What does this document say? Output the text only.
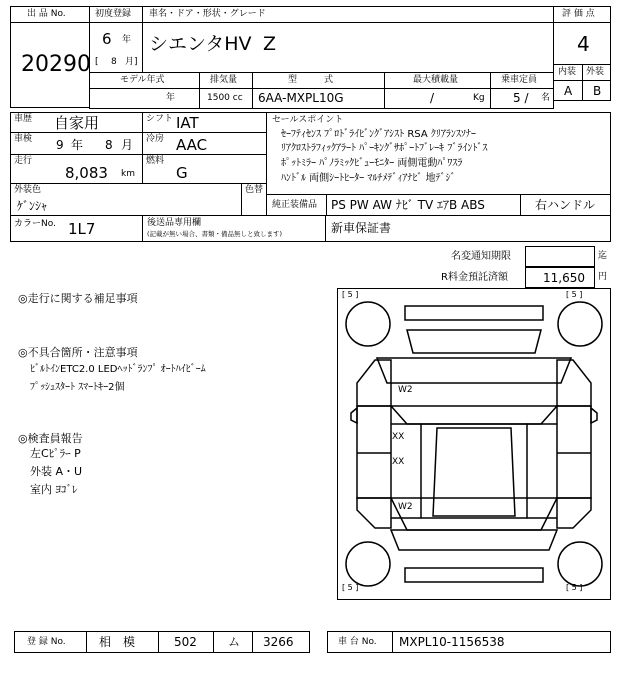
出 品 No.
20290
初度登録
6 年
[ 8 月]
車名・ドア・形状・グレード
シエンタHV Z
評 価 点
4
内装 外装
A B
モデル年式	排気量	型　　　式	最大積載量	乗車定員
年	1500 cc 6AA-MXPL10G	/	Kg 5 / 名
車歴 自家用	シフト IAT
車検 9 年 8 月 冷房 AAC
走行
8,083 km
燃料
G
外装色
ｹﾞﾝｼｬ
色替
カラーNo. 1L7	後送品専用欄
(記載が無い場合、書類・備品無しと致します)
セールスポイント
ｾｰﾌﾃｨｾﾝｽ ﾌﾟﾛﾄﾞﾗｲﾋﾞﾝｸﾞｱｼｽﾄ RSA ｸﾘｱﾗﾝｽｿﾅｰ
ﾘｱｸﾛｽﾄﾗﾌｨｯｸｱﾗｰﾄ ﾊﾟｰｷﾝｸﾞｻﾎﾟｰﾄﾌﾞﾚｰｷ ﾌﾞﾗｲﾝﾄﾞｽ
ﾎﾟｯﾄﾐﾗｰ ﾊﾟﾉﾗﾐｯｸﾋﾞｭｰﾓﾆﾀｰ 両側電動ﾊﾟﾜｽﾗ
ﾊﾝﾄﾞﾙ 両側ｼｰﾄﾋｰﾀｰ ﾏﾙﾁﾒﾃﾞｨｱﾅﾋﾞ 地ﾃﾞｼﾞ
純正装備品 PS PW AW ﾅﾋﾞ TV ｴｱB ABS	右ハンドル
新車保証書
名変通知期限	迄
R料金預託済額	11,650 円
◎走行に関する補足事項
◎不具合箇所・注意事項
ﾋﾞﾙﾄｲﾝETC2.0 LEDﾍｯﾄﾞﾗﾝﾌﾟ ｵｰﾄﾊｲﾋﾞｰﾑ
ﾌﾟｯｼｭｽﾀｰﾄ ｽﾏｰﾄｷｰ2個
◎検査員報告
左Cﾋﾟﾗｰ P
外装 A・U
室内 ﾖｺﾞﾚ
[ 5 ]	[ 5 ]
[ 5 ]	[ 5 ]
W2
XX
XX
W2
登 録 No.	相　模	502	ム 3266	車 台 No. MXPL10-1156538
